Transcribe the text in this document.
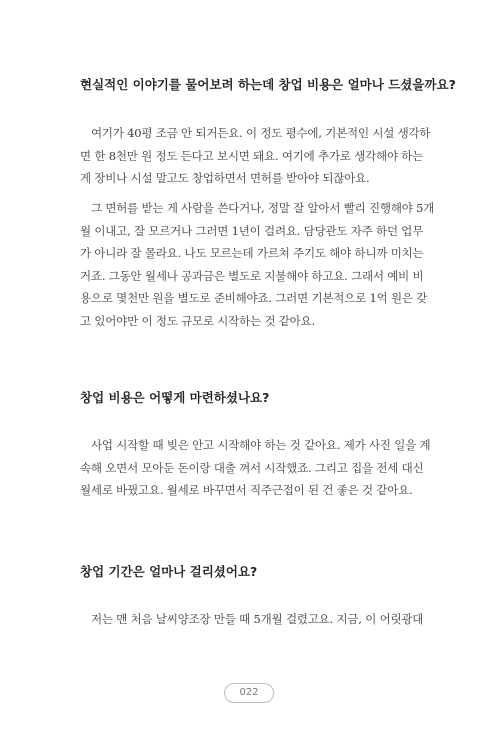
현실적인 이야기를 물어보려 하는데 창업 비용은 얼마나 드셨을까요?

여기가 40평 조금 안 되거든요. 이 정도 평수에, 기본적인 시설 생각하
면 한 8천만 원 정도 든다고 보시면 돼요. 여기에 추가로 생각해야 하는
게 장비나 시설 말고도 창업하면서 면허를 받아야 되잖아요.

그 면허를 받는 게 사람을 쓴다거나, 정말 잘 알아서 빨리 진행해야 5개
월 이내고, 잘 모르거나 그러면 1년이 걸려요. 담당관도 자주 하던 업무
가 아니라 잘 몰라요. 나도 모르는데 가르쳐 주기도 해야 하니까 미치는
거죠. 그동안 월세나 공과금은 별도로 지불해야 하고요. 그래서 예비 비
용으로 몇천만 원을 별도로 준비해야죠. 그러면 기본적으로 1억 원은 갖
고 있어야만 이 정도 규모로 시작하는 것 같아요.

창업 비용은 어떻게 마련하셨나요?

사업 시작할 때 빚은 안고 시작해야 하는 것 같아요. 제가 사진 일을 계
속해 오면서 모아둔 돈이랑 대출 껴서 시작했죠. 그리고 집을 전세 대신
월세로 바꿨고요. 월세로 바꾸면서 직주근접이 된 건 좋은 것 같아요.

창업 기간은 얼마나 걸리셨어요?

저는 맨 처음 날씨양조장 만들 때 5개월 걸렸고요. 지금, 이 어릿광대

022
